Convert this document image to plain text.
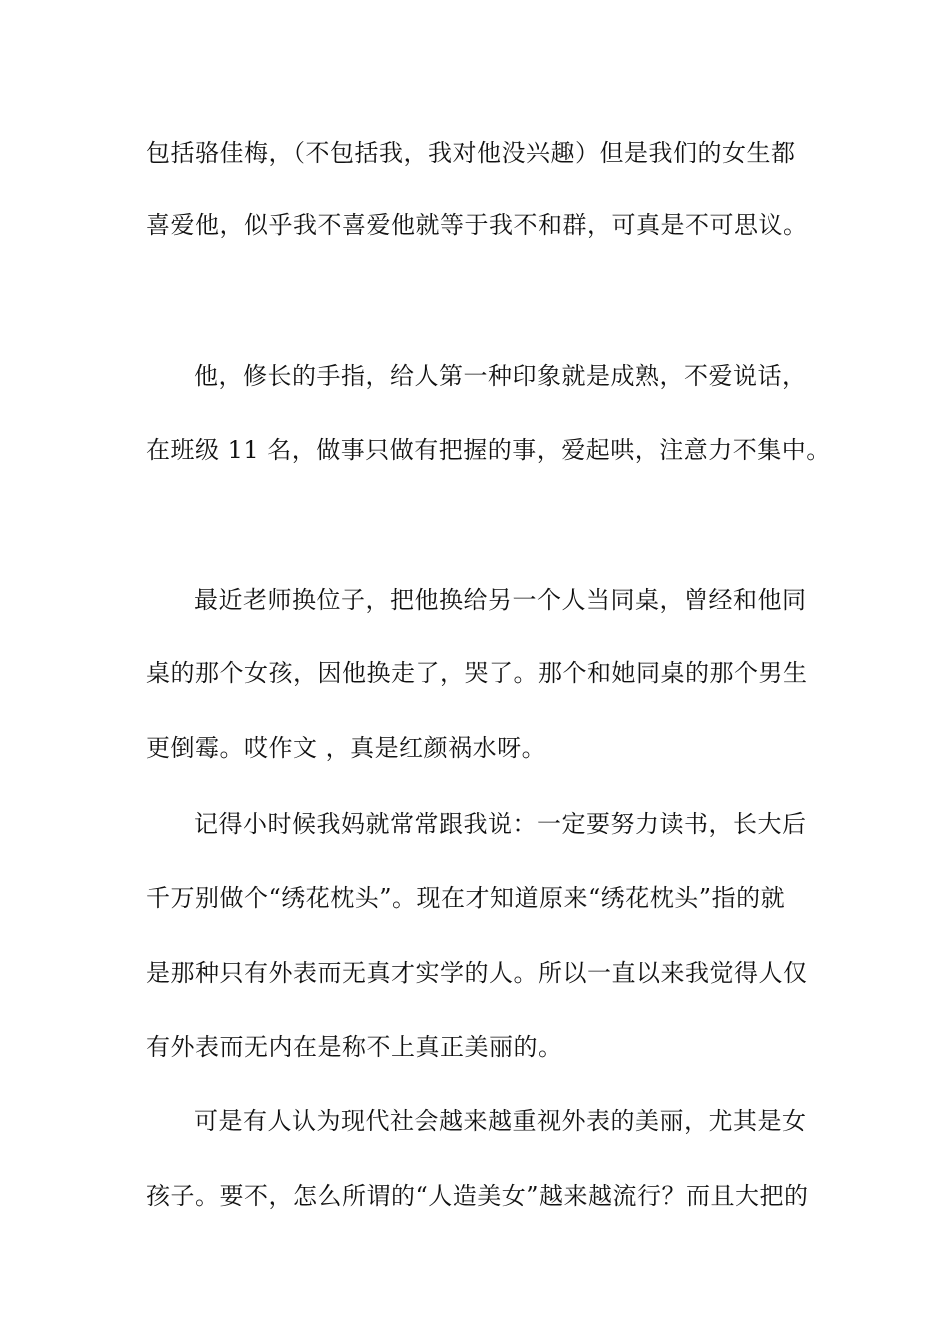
包括骆佳梅，（不包括我，我对他没兴趣）但是我们的女生都
喜爱他，似乎我不喜爱他就等于我不和群，可真是不可思议。
他，修长的手指，给人第一种印象就是成熟，不爱说话，
在班级 11 名，做事只做有把握的事，爱起哄，注意力不集中。
最近老师换位子，把他换给另一个人当同桌，曾经和他同
桌的那个女孩，因他换走了，哭了。那个和她同桌的那个男生
更倒霉。哎作文 ，真是红颜祸水呀。
记得小时候我妈就常常跟我说：一定要努力读书，长大后
千万别做个“绣花枕头”。现在才知道原来“绣花枕头”指的就
是那种只有外表而无真才实学的人。所以一直以来我觉得人仅
有外表而无内在是称不上真正美丽的。
可是有人认为现代社会越来越重视外表的美丽，尤其是女
孩子。要不，怎么所谓的“人造美女”越来越流行？而且大把的
